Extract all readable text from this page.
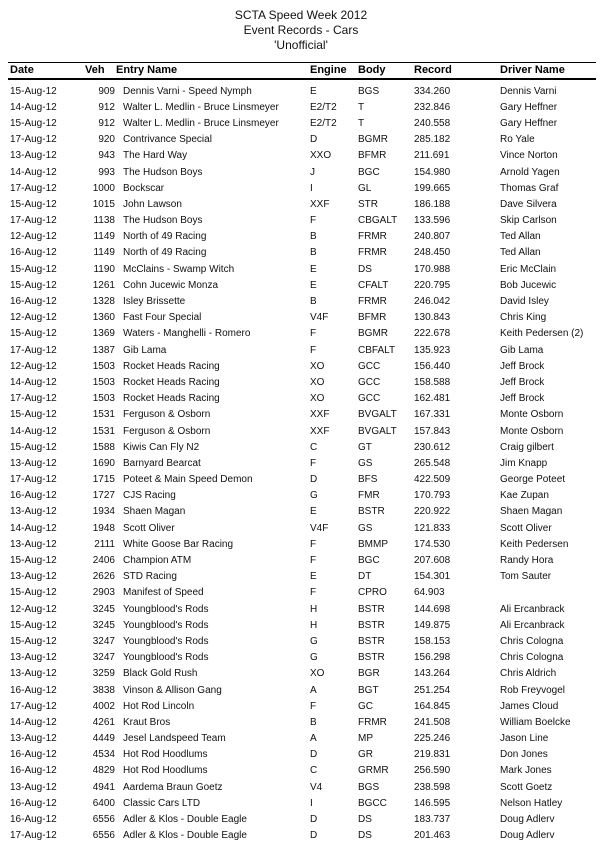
SCTA Speed Week 2012
Event Records - Cars
'Unofficial'
Date	Veh	Entry Name	Engine	Body	Record	Driver Name
15-Aug-12	909	Dennis Varni - Speed Nymph	E	BGS	334.260	Dennis Varni
14-Aug-12	912	Walter L. Medlin - Bruce Linsmeyer	E2/T2	T	232.846	Gary Heffner
15-Aug-12	912	Walter L. Medlin - Bruce Linsmeyer	E2/T2	T	240.558	Gary Heffner
17-Aug-12	920	Contrivance Special	D	BGMR	285.182	Ro Yale
13-Aug-12	943	The Hard Way	XXO	BFMR	211.691	Vince Norton
14-Aug-12	993	The Hudson Boys	J	BGC	154.980	Arnold Yagen
17-Aug-12	1000	Bockscar	I	GL	199.665	Thomas Graf
15-Aug-12	1015	John Lawson	XXF	STR	186.188	Dave Silvera
17-Aug-12	1138	The Hudson Boys	F	CBGALT	133.596	Skip Carlson
12-Aug-12	1149	North of 49 Racing	B	FRMR	240.807	Ted Allan
16-Aug-12	1149	North of 49 Racing	B	FRMR	248.450	Ted Allan
15-Aug-12	1190	McClains - Swamp Witch	E	DS	170.988	Eric McClain
15-Aug-12	1261	Cohn Jucewic Monza	E	CFALT	220.795	Bob Jucewic
16-Aug-12	1328	Isley Brissette	B	FRMR	246.042	David Isley
12-Aug-12	1360	Fast Four Special	V4F	BFMR	130.843	Chris King
15-Aug-12	1369	Waters - Manghelli - Romero	F	BGMR	222.678	Keith Pedersen (2)
17-Aug-12	1387	Gib Lama	F	CBFALT	135.923	Gib Lama
12-Aug-12	1503	Rocket Heads Racing	XO	GCC	156.440	Jeff Brock
14-Aug-12	1503	Rocket Heads Racing	XO	GCC	158.588	Jeff Brock
17-Aug-12	1503	Rocket Heads Racing	XO	GCC	162.481	Jeff Brock
15-Aug-12	1531	Ferguson & Osborn	XXF	BVGALT	167.331	Monte Osborn
14-Aug-12	1531	Ferguson & Osborn	XXF	BVGALT	157.843	Monte Osborn
15-Aug-12	1588	Kiwis Can Fly N2	C	GT	230.612	Craig gilbert
13-Aug-12	1690	Barnyard Bearcat	F	GS	265.548	Jim Knapp
17-Aug-12	1715	Poteet & Main Speed Demon	D	BFS	422.509	George Poteet
16-Aug-12	1727	CJS Racing	G	FMR	170.793	Kae Zupan
13-Aug-12	1934	Shaen Magan	E	BSTR	220.922	Shaen Magan
14-Aug-12	1948	Scott Oliver	V4F	GS	121.833	Scott Oliver
13-Aug-12	2111	White Goose Bar Racing	F	BMMP	174.530	Keith Pedersen
15-Aug-12	2406	Champion ATM	F	BGC	207.608	Randy Hora
13-Aug-12	2626	STD Racing	E	DT	154.301	Tom Sauter
15-Aug-12	2903	Manifest of Speed	F	CPRO	64.903	
12-Aug-12	3245	Youngblood's Rods	H	BSTR	144.698	Ali Ercanbrack
15-Aug-12	3245	Youngblood's Rods	H	BSTR	149.875	Ali Ercanbrack
15-Aug-12	3247	Youngblood's Rods	G	BSTR	158.153	Chris Cologna
13-Aug-12	3247	Youngblood's Rods	G	BSTR	156.298	Chris Cologna
13-Aug-12	3259	Black Gold Rush	XO	BGR	143.264	Chris Aldrich
16-Aug-12	3838	Vinson & Allison Gang	A	BGT	251.254	Rob Freyvogel
17-Aug-12	4002	Hot Rod Lincoln	F	GC	164.845	James Cloud
14-Aug-12	4261	Kraut Bros	B	FRMR	241.508	William Boelcke
13-Aug-12	4449	Jesel Landspeed Team	A	MP	225.246	Jason Line
16-Aug-12	4534	Hot Rod Hoodlums	D	GR	219.831	Don Jones
16-Aug-12	4829	Hot Rod Hoodlums	C	GRMR	256.590	Mark Jones
13-Aug-12	4941	Aardema Braun Goetz	V4	BGS	238.598	Scott Goetz
16-Aug-12	6400	Classic Cars LTD	I	BGCC	146.595	Nelson Hatley
16-Aug-12	6556	Adler & Klos - Double Eagle	D	DS	183.737	Doug Adlerv
17-Aug-12	6556	Adler & Klos - Double Eagle	D	DS	201.463	Doug Adlerv
